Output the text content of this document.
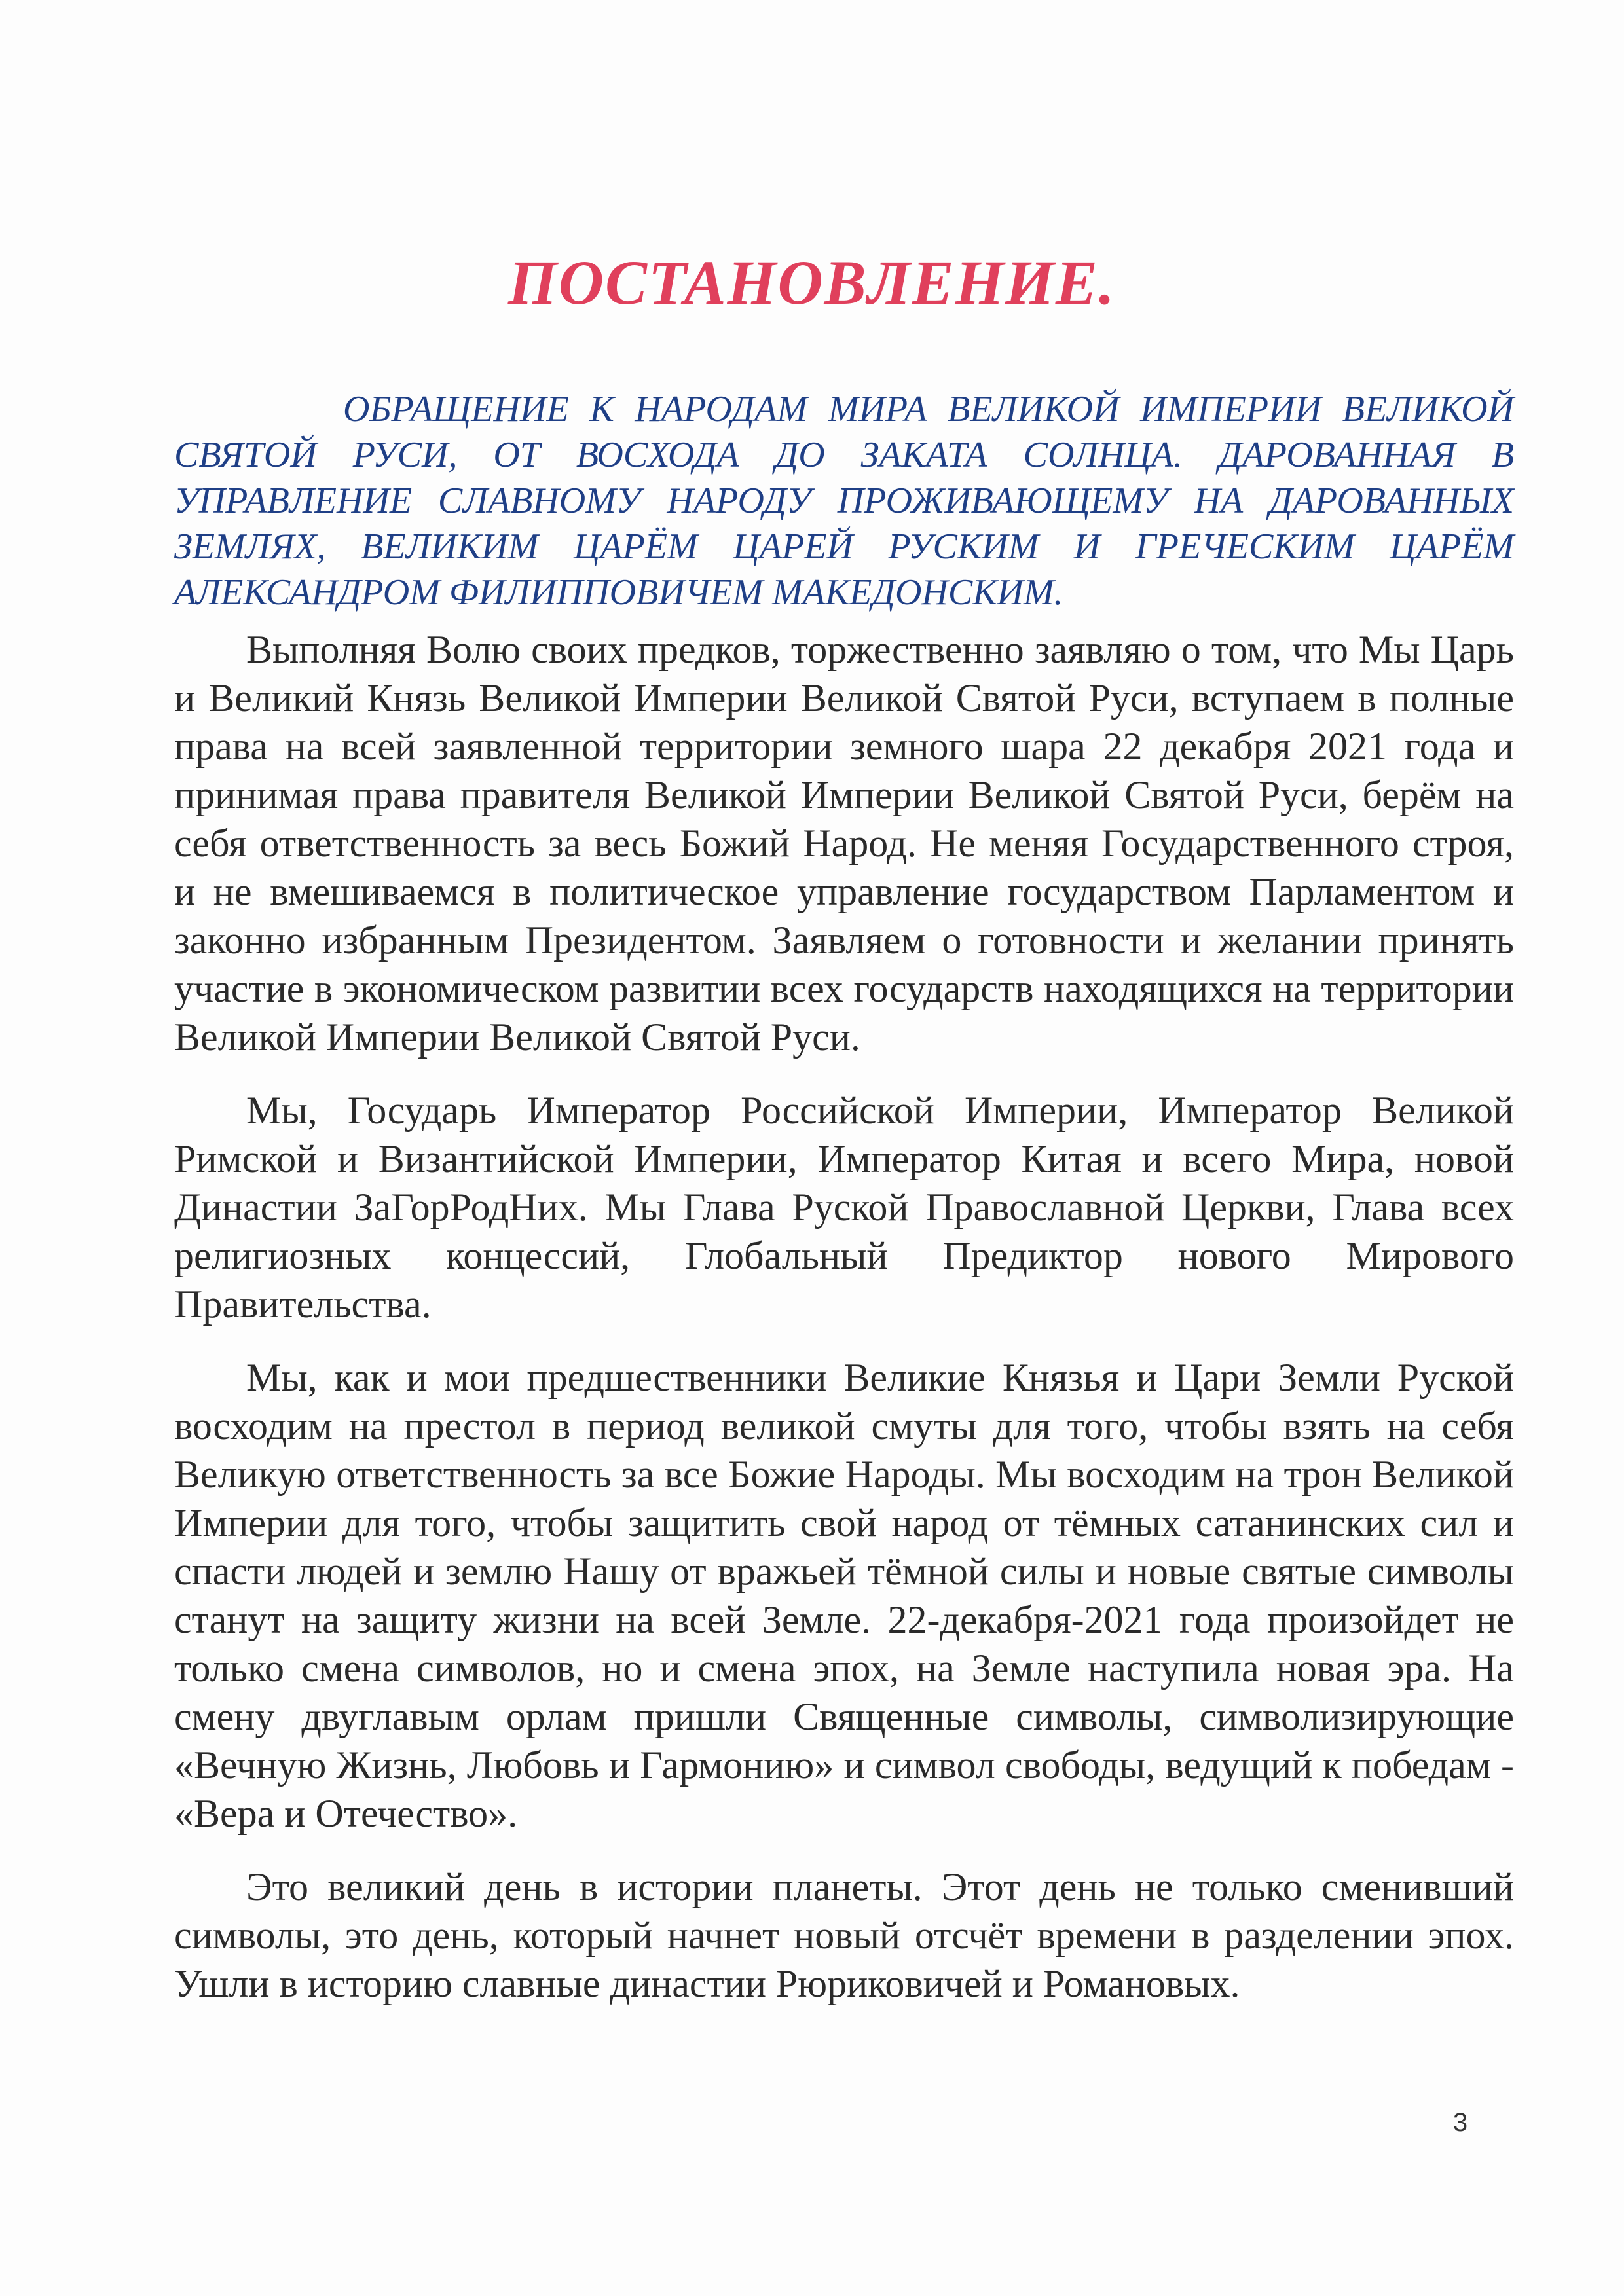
ПОСТАНОВЛЕНИЕ.

ОБРАЩЕНИЕ К НАРОДАМ МИРА ВЕЛИКОЙ ИМПЕРИИ ВЕЛИКОЙ СВЯТОЙ РУСИ, ОТ ВОСХОДА ДО ЗАКАТА СОЛНЦА. ДАРОВАННАЯ В УПРАВЛЕНИЕ СЛАВНОМУ НАРОДУ ПРОЖИВАЮЩЕМУ НА ДАРОВАННЫХ ЗЕМЛЯХ, ВЕЛИКИМ ЦАРЁМ ЦАРЕЙ РУСКИМ И ГРЕЧЕСКИМ ЦАРЁМ АЛЕКСАНДРОМ ФИЛИППОВИЧЕМ МАКЕДОНСКИМ.

Выполняя Волю своих предков, торжественно заявляю о том, что Мы Царь и Великий Князь Великой Империи Великой Святой Руси, вступаем в полные права на всей заявленной территории земного шара 22 декабря 2021 года и принимая права правителя Великой Империи Великой Святой Руси, берём на себя ответственность за весь Божий Народ. Не меняя Государственного строя, и не вмешиваемся в политическое управление государством Парламентом и законно избранным Президентом. Заявляем о готовности и желании принять участие в экономическом развитии всех государств находящихся на территории Великой Империи Великой Святой Руси.

Мы, Государь Император Российской Империи, Император Великой Римской и Византийской Империи, Император Китая и всего Мира, новой Династии ЗаГорРодНих. Мы Глава Руской Православной Церкви, Глава всех религиозных концессий, Глобальный Предиктор нового Мирового Правительства.

Мы, как и мои предшественники Великие Князья и Цари Земли Руской восходим на престол в период великой смуты для того, чтобы взять на себя Великую ответственность за все Божие Народы. Мы восходим на трон Великой Империи для того, чтобы защитить свой народ от тёмных сатанинских сил и спасти людей и землю Нашу от вражьей тёмной силы и новые святые символы станут на защиту жизни на всей Земле. 22-декабря-2021 года произойдет не только смена символов, но и смена эпох, на Земле наступила новая эра. На смену двуглавым орлам пришли Священные символы, символизирующие «Вечную Жизнь, Любовь и Гармонию» и символ свободы, ведущий к победам - «Вера и Отечество».

Это великий день в истории планеты. Этот день не только сменивший символы, это день, который начнет новый отсчёт времени в разделении эпох. Ушли в историю славные династии Рюриковичей и Романовых.

3
